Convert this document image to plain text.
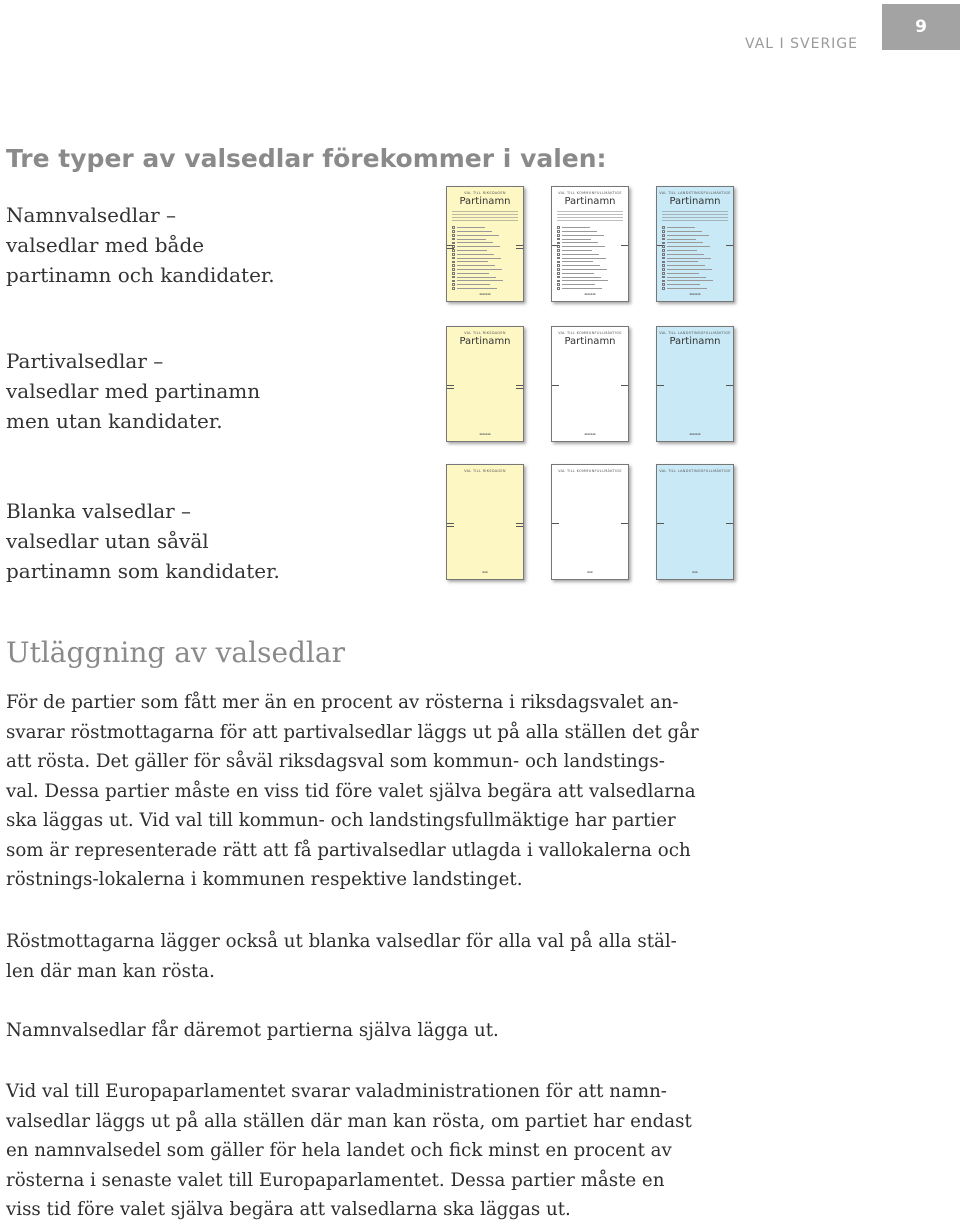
VAL I SVERIGE
9
Tre typer av valsedlar förekommer i valen:
Namnvalsedlar –
valsedlar med både
partinamn och kandidater.
Partivalsedlar –
valsedlar med partinamn
men utan kandidater.
Blanka valsedlar –
valsedlar utan såväl
partinamn som kandidater.
VAL TILL RIKSDAGEN
Partinamn
▬▬▬▬
VAL TILL KOMMUNFULLMÄKTIGE
Partinamn
▬▬▬▬
VAL TILL LANDSTINGSFULLMÄKTIGE
Partinamn
▬▬▬▬
VAL TILL RIKSDAGEN
Partinamn
▬▬▬▬
VAL TILL KOMMUNFULLMÄKTIGE
Partinamn
▬▬▬▬
VAL TILL LANDSTINGSFULLMÄKTIGE
Partinamn
▬▬▬▬
VAL TILL RIKSDAGEN
▬▬
VAL TILL KOMMUNFULLMÄKTIGE
▬▬
VAL TILL LANDSTINGSFULLMÄKTIGE
▬▬
Utläggning av valsedlar
För de partier som fått mer än en procent av rösterna i riksdagsvalet an-
svarar röstmottagarna för att partivalsedlar läggs ut på alla ställen det går
att rösta. Det gäller för såväl riksdagsval som kommun- och landstings-
val. Dessa partier måste en viss tid före valet själva begära att valsedlarna
ska läggas ut. Vid val till kommun- och landstingsfullmäktige har partier
som är representerade rätt att få partivalsedlar utlagda i vallokalerna och
röstnings-lokalerna i kommunen respektive landstinget.
Röstmottagarna lägger också ut blanka valsedlar för alla val på alla stäl-
len där man kan rösta.
Namnvalsedlar får däremot partierna själva lägga ut.
Vid val till Europaparlamentet svarar valadministrationen för att namn-
valsedlar läggs ut på alla ställen där man kan rösta, om partiet har endast
en namnvalsedel som gäller för hela landet och fick minst en procent av
rösterna i senaste valet till Europaparlamentet. Dessa partier måste en
viss tid före valet själva begära att valsedlarna ska läggas ut.
